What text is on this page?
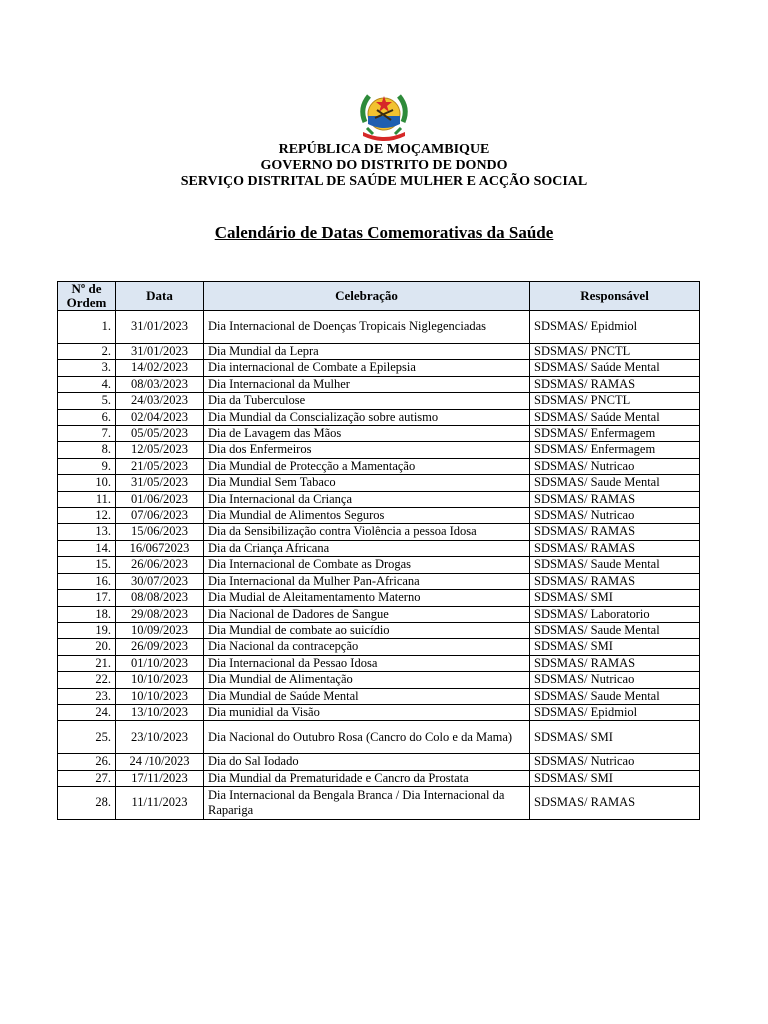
REPÚBLICA DE MOÇAMBIQUE
GOVERNO DO DISTRITO DE DONDO
SERVIÇO DISTRITAL DE SAÚDE MULHER E ACÇÃO SOCIAL
Calendário de Datas Comemorativas da Saúde
Nº de Ordem	Data	Celebração	Responsável
1.	31/01/2023	Dia Internacional de Doenças Tropicais Niglegenciadas	SDSMAS/ Epidmiol
2.	31/01/2023	Dia Mundial da Lepra	SDSMAS/ PNCTL
3.	14/02/2023	Dia internacional de Combate a Epilepsia	SDSMAS/ Saúde Mental
4.	08/03/2023	Dia Internacional da Mulher	SDSMAS/ RAMAS
5.	24/03/2023	Dia da Tuberculose	SDSMAS/ PNCTL
6.	02/04/2023	Dia Mundial da Conscialização sobre autismo	SDSMAS/ Saúde Mental
7.	05/05/2023	Dia de Lavagem das Mãos	SDSMAS/ Enfermagem
8.	12/05/2023	Dia dos Enfermeiros	SDSMAS/ Enfermagem
9.	21/05/2023	Dia Mundial de Protecção a Mamentação	SDSMAS/ Nutricao
10.	31/05/2023	Dia Mundial Sem Tabaco	SDSMAS/ Saude Mental
11.	01/06/2023	Dia Internacional da Criança	SDSMAS/ RAMAS
12.	07/06/2023	Dia Mundial de Alimentos Seguros	SDSMAS/ Nutricao
13.	15/06/2023	Dia da Sensibilização contra Violência a pessoa Idosa	SDSMAS/ RAMAS
14.	16/0672023	Dia da Criança Africana	SDSMAS/ RAMAS
15.	26/06/2023	Dia Internacional de Combate as Drogas	SDSMAS/ Saude Mental
16.	30/07/2023	Dia Internacional da Mulher Pan-Africana	SDSMAS/ RAMAS
17.	08/08/2023	Dia Mudial de Aleitamentamento Materno	SDSMAS/ SMI
18.	29/08/2023	Dia Nacional de Dadores de Sangue	SDSMAS/ Laboratorio
19.	10/09/2023	Dia Mundial de combate ao suicídio	SDSMAS/ Saude Mental
20.	26/09/2023	Dia Nacional da contracepção	SDSMAS/ SMI
21.	01/10/2023	Dia Internacional da Pessao Idosa	SDSMAS/ RAMAS
22.	10/10/2023	Dia Mundial de Alimentação	SDSMAS/ Nutricao
23.	10/10/2023	Dia Mundial de Saúde Mental	SDSMAS/ Saude Mental
24.	13/10/2023	Dia munidial da Visão	SDSMAS/ Epidmiol
25.	23/10/2023	Dia Nacional do Outubro Rosa (Cancro do Colo e da Mama)	SDSMAS/ SMI
26.	24 /10/2023	Dia do Sal Iodado	SDSMAS/ Nutricao
27.	17/11/2023	Dia Mundial da Prematuridade e Cancro da Prostata	SDSMAS/ SMI
28.	11/11/2023	Dia Internacional da Bengala Branca / Dia Internacional da Rapariga	SDSMAS/ RAMAS
